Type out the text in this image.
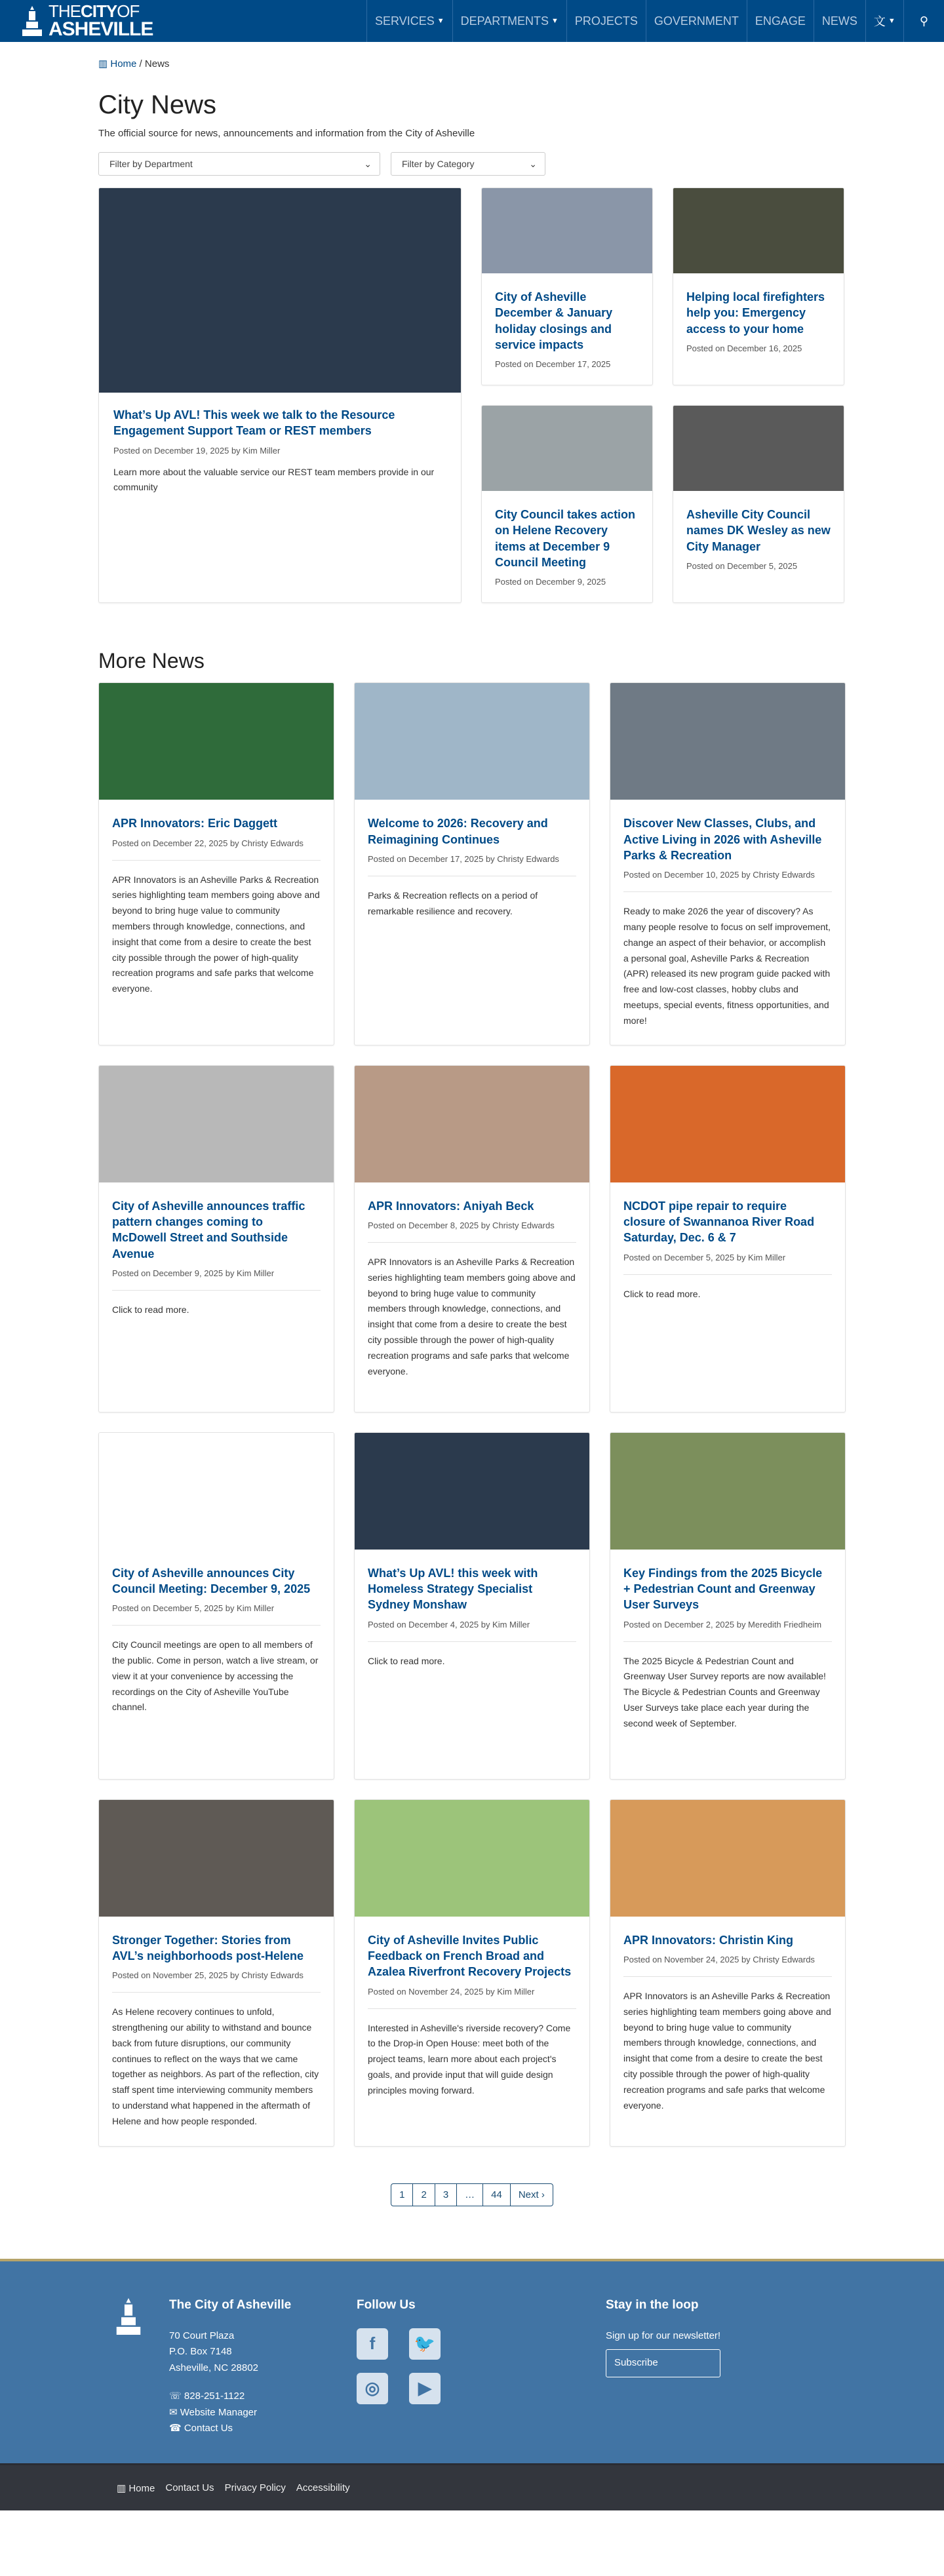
THECITYOF
ASHEVILLE	SERVICES ▼ DEPARTMENTS ▼ PROJECTS GOVERNMENT ENGAGE NEWS 文 ▼ ⚲
▥ Home / News
City News

The official source for news, announcements and information from the City of Asheville

Filter by Department	⌄	Filter by Category	⌄
What’s Up AVL! This week we talk to the Resource Engagement Support Team or REST members
Posted on December 19, 2025 by Kim Miller
Learn more about the valuable service our REST team members provide in our community
City of Asheville December & January holiday closings and service impacts
Posted on December 17, 2025
Helping local firefighters help you: Emergency access to your home
Posted on December 16, 2025
City Council takes action on Helene Recovery items at December 9 Council Meeting
Posted on December 9, 2025
Asheville City Council names DK Wesley as new City Manager
Posted on December 5, 2025
More News
APR Innovators: Eric Daggett
Posted on December 22, 2025 by Christy Edwards
APR Innovators is an Asheville Parks & Recreation series highlighting team members going above and beyond to bring huge value to community members through knowledge, connections, and insight that come from a desire to create the best city possible through the power of high-quality recreation programs and safe parks that welcome everyone.
Welcome to 2026: Recovery and Reimagining Continues
Posted on December 17, 2025 by Christy Edwards
Parks & Recreation reflects on a period of remarkable resilience and recovery.
Discover New Classes, Clubs, and Active Living in 2026 with Asheville Parks & Recreation
Posted on December 10, 2025 by Christy Edwards
Ready to make 2026 the year of discovery? As many people resolve to focus on self improvement, change an aspect of their behavior, or accomplish a personal goal, Asheville Parks & Recreation (APR) released its new program guide packed with free and low-cost classes, hobby clubs and meetups, special events, fitness opportunities, and more!
City of Asheville announces traffic pattern changes coming to McDowell Street and Southside Avenue
Posted on December 9, 2025 by Kim Miller
Click to read more.
APR Innovators: Aniyah Beck
Posted on December 8, 2025 by Christy Edwards
APR Innovators is an Asheville Parks & Recreation series highlighting team members going above and beyond to bring huge value to community members through knowledge, connections, and insight that come from a desire to create the best city possible through the power of high-quality recreation programs and safe parks that welcome everyone.
NCDOT pipe repair to require closure of Swannanoa River Road Saturday, Dec. 6 & 7
Posted on December 5, 2025 by Kim Miller
Click to read more.
City of Asheville announces City Council Meeting: December 9, 2025
Posted on December 5, 2025 by Kim Miller
City Council meetings are open to all members of the public. Come in person, watch a live stream, or view it at your convenience by accessing the recordings on the City of Asheville YouTube channel.
What’s Up AVL! this week with Homeless Strategy Specialist Sydney Monshaw
Posted on December 4, 2025 by Kim Miller
Click to read more.
Key Findings from the 2025 Bicycle + Pedestrian Count and Greenway User Surveys
Posted on December 2, 2025 by Meredith Friedheim
The 2025 Bicycle & Pedestrian Count and Greenway User Survey reports are now available! The Bicycle & Pedestrian Counts and Greenway User Surveys take place each year during the second week of September.
Stronger Together: Stories from AVL’s neighborhoods post-Helene
Posted on November 25, 2025 by Christy Edwards
As Helene recovery continues to unfold, strengthening our ability to withstand and bounce back from future disruptions, our community continues to reflect on the ways that we came together as neighbors. As part of the reflection, city staff spent time interviewing community members to understand what happened in the aftermath of Helene and how people responded.
City of Asheville Invites Public Feedback on French Broad and Azalea Riverfront Recovery Projects
Posted on November 24, 2025 by Kim Miller
Interested in Asheville's riverside recovery? Come to the Drop-in Open House: meet both of the project teams, learn more about each project's goals, and provide input that will guide design principles moving forward.
APR Innovators: Christin King
Posted on November 24, 2025 by Christy Edwards
APR Innovators is an Asheville Parks & Recreation series highlighting team members going above and beyond to bring huge value to community members through knowledge, connections, and insight that come from a desire to create the best city possible through the power of high-quality recreation programs and safe parks that welcome everyone.
1	2	3	…	44	Next ›
The City of Asheville

70 Court Plaza

P.O. Box 7148

Asheville, NC 28802

☏ 828-251-1122
✉ Website Manager
☎ Contact Us
Follow Us
f	🐦
◎	▶
Stay in the loop

Sign up for our newsletter!

Subscribe
▥ Home Contact Us Privacy Policy Accessibility
